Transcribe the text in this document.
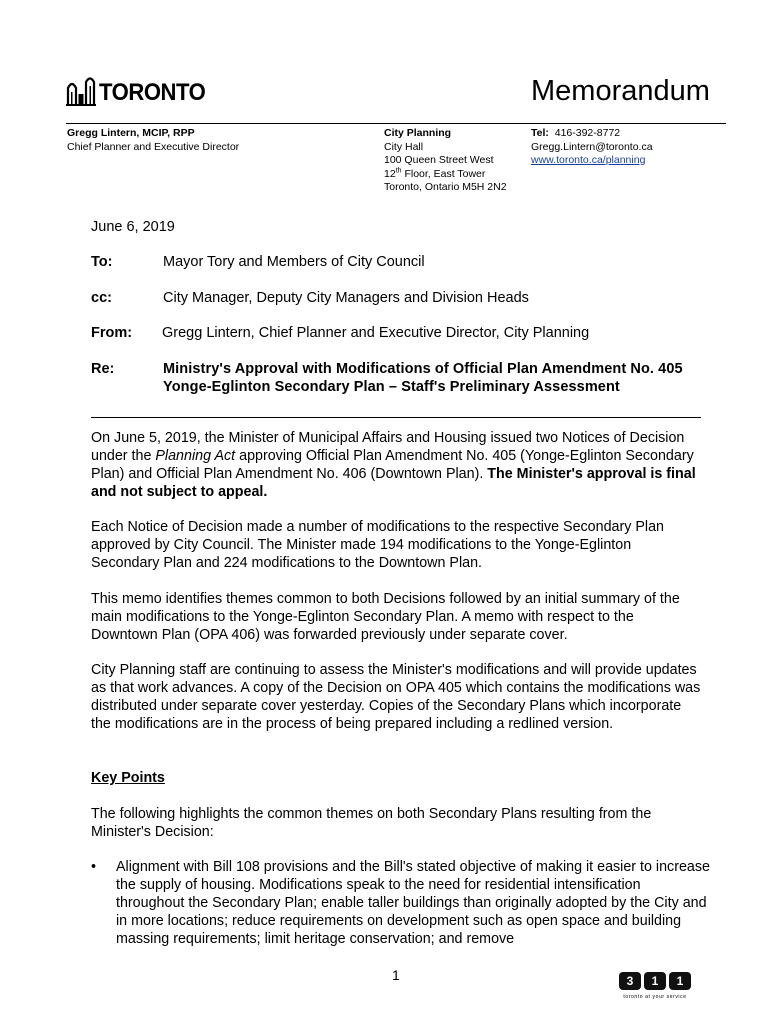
TORONTO	Memorandum
Gregg Lintern, MCIP, RPP
Chief Planner and Executive Director
City Planning
City Hall
100 Queen Street West
12th Floor, East Tower
Toronto, Ontario M5H 2N2
Tel: 416-392-8772
Gregg.Lintern@toronto.ca
www.toronto.ca/planning
June 6, 2019
To:	Mayor Tory and Members of City Council
cc:	City Manager, Deputy City Managers and Division Heads
From: Gregg Lintern, Chief Planner and Executive Director, City Planning
Re:	Ministry's Approval with Modifications of Official Plan Amendment No. 405
Yonge-Eglinton Secondary Plan – Staff's Preliminary Assessment
On June 5, 2019, the Minister of Municipal Affairs and Housing issued two Notices of Decision under the Planning Act approving Official Plan Amendment No. 405 (Yonge-Eglinton Secondary Plan) and Official Plan Amendment No. 406 (Downtown Plan). The Minister's approval is final and not subject to appeal.
Each Notice of Decision made a number of modifications to the respective Secondary Plan approved by City Council. The Minister made 194 modifications to the Yonge-Eglinton Secondary Plan and 224 modifications to the Downtown Plan.
This memo identifies themes common to both Decisions followed by an initial summary of the main modifications to the Yonge-Eglinton Secondary Plan. A memo with respect to the Downtown Plan (OPA 406) was forwarded previously under separate cover.
City Planning staff are continuing to assess the Minister's modifications and will provide updates as that work advances. A copy of the Decision on OPA 405 which contains the modifications was distributed under separate cover yesterday. Copies of the Secondary Plans which incorporate the modifications are in the process of being prepared including a redlined version.
Key Points
The following highlights the common themes on both Secondary Plans resulting from the Minister's Decision:
• Alignment with Bill 108 provisions and the Bill's stated objective of making it easier to increase the supply of housing. Modifications speak to the need for residential intensification throughout the Secondary Plan; enable taller buildings than originally adopted by the City and in more locations; reduce requirements on development such as open space and building massing requirements; limit heritage conservation; and remove
1	3	1	1
toronto at your service
